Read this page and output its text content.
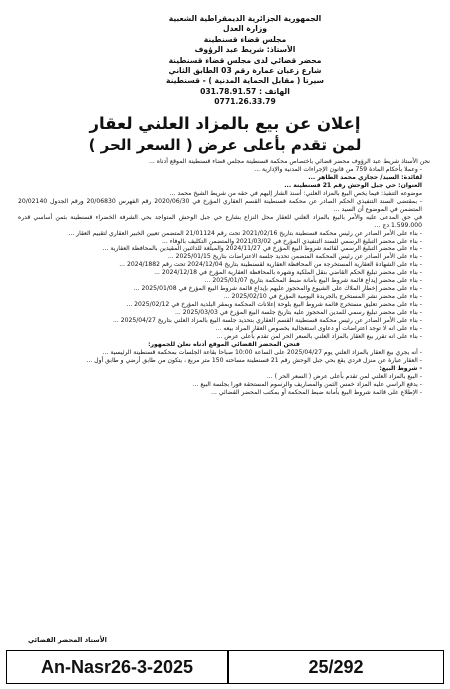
الجمهورية الجزائرية الديمقراطية الشعبية
وزارة العدل
مجلس قضاء قسنطينة
الأستاذ: شريط عبد الرؤوف
محضر قضائي لدى مجلس قضاء قسنطينة
شارع زعبان عمارة رقم 03 الطابق الثاني
سيرتا ( مقابل الحماية المدنية ) - قسنطينة
الهاتف : 031.78.91.57
0771.26.33.79
إعلان عن بيع بالمزاد العلني لعقار
لمن تقدم بأعلى عرض ( السعر الحر )
نحن الأستاذ شريط عبد الرؤوف محضر قضائي باختصاص محكمة قسنطينة مجلس قضاء قسنطينة الموقع أدناه ...
- وعملا بأحكام المادة 759 من قانون الإجراءات المدنية والإدارية ...
لفائدة: السيد/ حجازي محمد الطاهر ...
العنوان: حي جبل الوحش رقم 21 قسنطينة ...
موضوعه التنفيذ: فيما يخص البيع بالمزاد العلني: أسنذ الشار إليهم في حقه من شريط الشيخ محمد ...
- بمقتضى السند التنفيذي الحكم الصادر عن محكمة قسنطينة القسم العقاري المؤرخ في 2020/06/30 رقم الفهرس 20/06830 ورقم الجدول 20/02140 المتضمن في الموضوع أن السيد ...
في حق المدعى عليه والأمر بالبيع بالمزاد العلني للعقار محل النزاع بشارع حي جبل الوحش المتواجد بحي الشرفة الخضراء قسنطينة بثمن أساسي قدره 1.599.000 دج ...
- بناء على الأمر الصادر عن رئيس محكمة قسنطينة بتاريخ 2021/02/16 تحت رقم 21/01124 المتضمن تعيين الخبير العقاري لتقييم العقار ...
- بناء على محضر التبليغ الرسمي للسند التنفيذي المؤرخ في 2021/03/02 والمتضمن التكليف بالوفاء ...
- بناء على محضر التبليغ الرسمي لقائمة شروط البيع المؤرخ في 2024/11/27 والمبلغة للدائنين المقيدين بالمحافظة العقارية ...
- بناء على الأمر الصادر عن رئيس المحكمة المتضمن تحديد جلسة الاعتراضات بتاريخ 2025/01/15 ...
- بناء على الشهادة العقارية المستخرجة من المحافظة العقارية لقسنطينة بتاريخ 2024/12/04 تحت رقم 2024/1882 ...
- بناء على محضر تبليغ الحكم القاضي بنقل الملكية وشهره بالمحافظة العقارية المؤرخ في 2024/12/18 ...
- بناء على محضر إيداع قائمة شروط البيع بأمانة ضبط المحكمة بتاريخ 2025/01/07 ...
- بناء على محضر إخطار الملاك على الشيوع والمحجوز عليهم بإيداع قائمة شروط البيع المؤرخ في 2025/01/08 ...
- بناء على محضر نشر المستخرج بالجريدة اليومية المؤرخ في 2025/02/10 ...
- بناء على محضر تعليق مستخرج قائمة شروط البيع بلوحة إعلانات المحكمة وبمقر البلدية المؤرخ في 2025/02/12 ...
- بناء على محضر تبليغ رسمي للمدين المحجوز عليه بتاريخ جلسة البيع المؤرخ في 2025/03/03 ...
- بناء على الأمر الصادر عن رئيس محكمة قسنطينة القسم العقاري بتحديد جلسة البيع بالمزاد العلني بتاريخ 2025/04/27 ...
- بناء على انه لا توجد اعتراضات أو دعاوى استعجالية بخصوص العقار المراد بيعه ...
- بناء على انه تقرر بيع العقار بالمزاد العلني بالسعر الحر لمن تقدم بأعلى عرض ...
فنحن المحضر القضائي الموقع أدناه نعلن للجمهور:
- أنه يجري بيع العقار بالمزاد العلني يوم 2025/04/27 على الساعة 10:00 صباحا بقاعة الجلسات بمحكمة قسنطينة الرئيسية ...
- العقار عبارة عن منزل فردي يقع بحي جبل الوحش رقم 21 قسنطينة مساحته 150 متر مربع ، يتكون من طابق أرضي و طابق أول ...
- شروط البيع:
- البيع بالمزاد العلني لمن تقدم بأعلى عرض ( السعر الحر ) ...
- يدفع الراسي عليه المزاد خمس الثمن والمصاريف والرسوم المستحقة فورا بجلسة البيع ...
- الإطلاع على قائمة شروط البيع بأمانة ضبط المحكمة أو بمكتب المحضر القضائي ...
الأستاذ المحضر القضائي
An-Nasr26-3-2025	25/292
